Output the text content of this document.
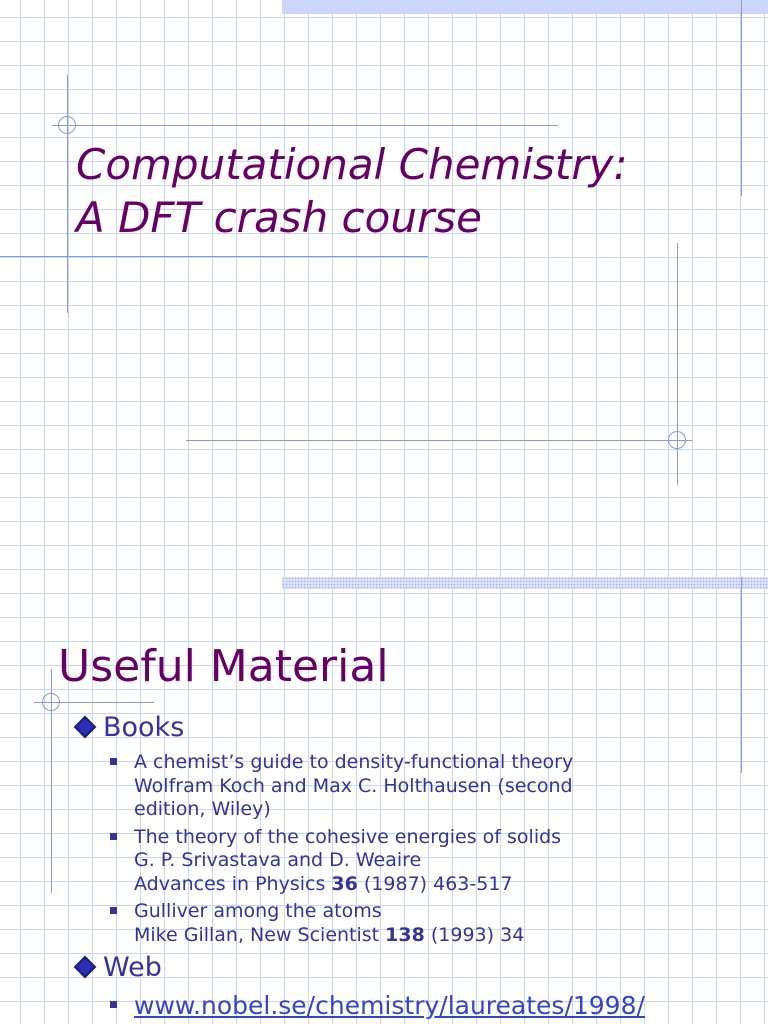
Computational Chemistry:
A DFT crash course
Useful Material
Books
A chemist’s guide to density-functional theory
Wolfram Koch and Max C. Holthausen (second
edition, Wiley)
The theory of the cohesive energies of solids
G. P. Srivastava and D. Weaire
Advances in Physics 36 (1987) 463-517
Gulliver among the atoms
Mike Gillan, New Scientist 138 (1993) 34
Web
www.nobel.se/chemistry/laureates/1998/
